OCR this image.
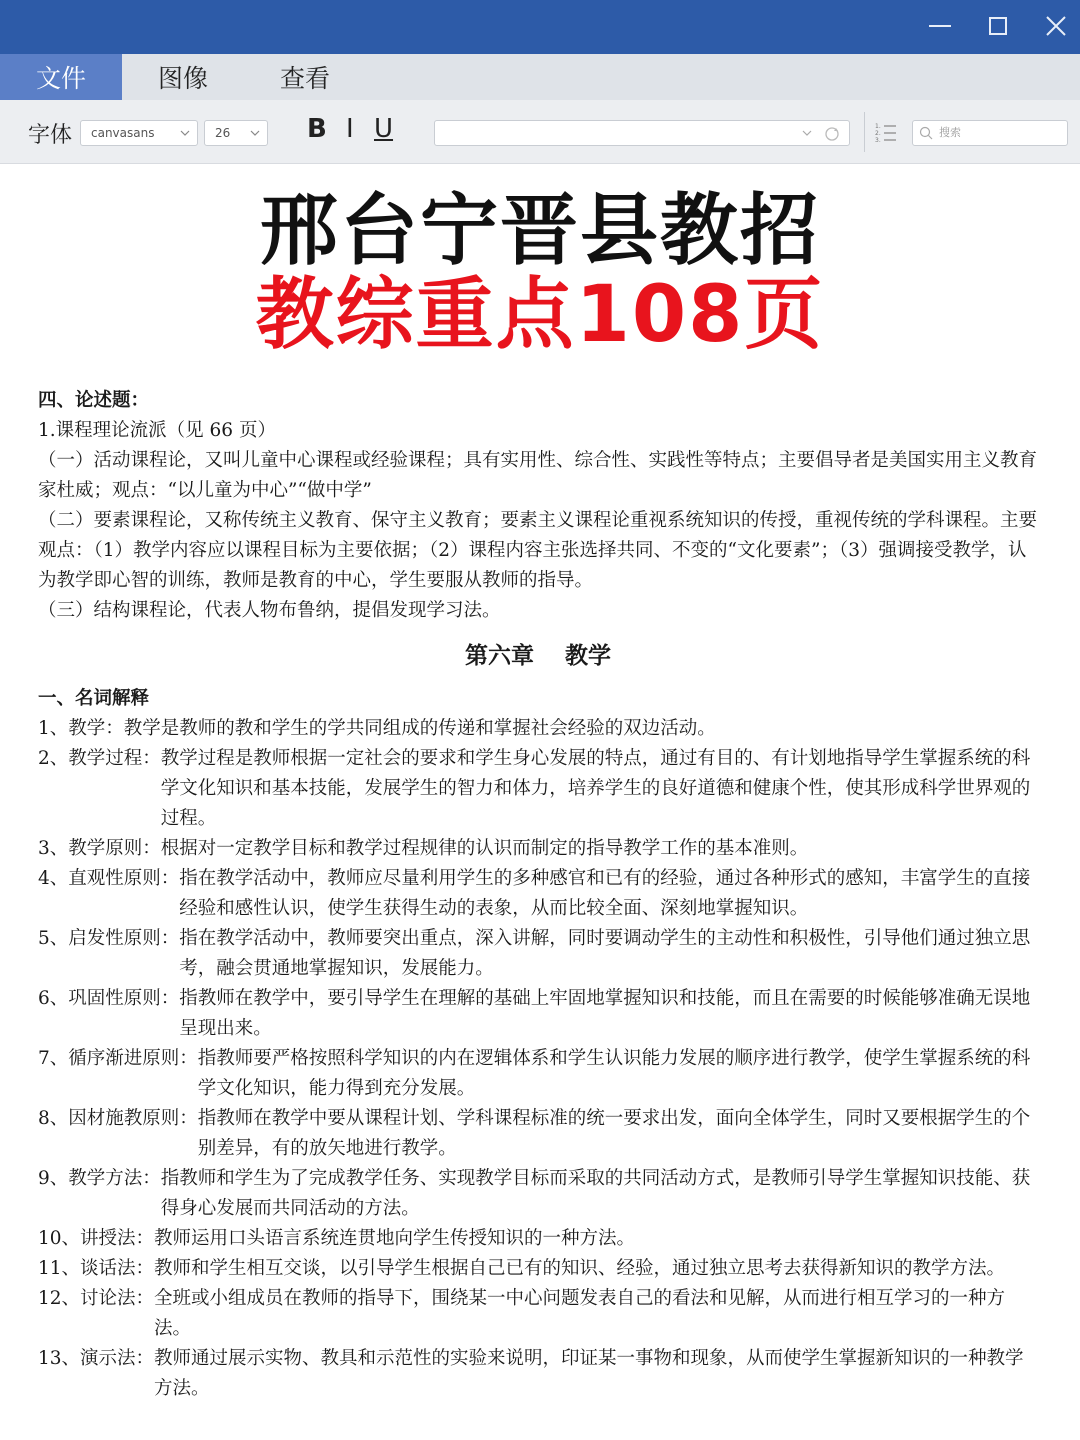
文件	图像	查看
字体	canvasans	26	B I U	1.
2.
3.
搜索
邢台宁晋县教招
教综重点108页

四、论述题：

1.课程理论流派（见 66 页）

（一）活动课程论，又叫儿童中心课程或经验课程；具有实用性、综合性、实践性等特点；主要倡导者是美国实用主义教育家杜威；观点：“以儿童为中心”“做中学”

（二）要素课程论，又称传统主义教育、保守主义教育；要素主义课程论重视系统知识的传授，重视传统的学科课程。主要观点：（1）教学内容应以课程目标为主要依据；（2）课程内容主张选择共同、不变的“文化要素”；（3）强调接受教学，认为教学即心智的训练，教师是教育的中心，学生要服从教师的指导。

（三）结构课程论，代表人物布鲁纳，提倡发现学习法。

第六章　 教学

一、名词解释

1、教学： 教学是教师的教和学生的学共同组成的传递和掌握社会经验的双边活动。
2、教学过程： 教学过程是教师根据一定社会的要求和学生身心发展的特点，通过有目的、有计划地指导学生掌握系统的科学文化知识和基本技能，发展学生的智力和体力，培养学生的良好道德和健康个性，使其形成科学世界观的过程。
3、教学原则： 根据对一定教学目标和教学过程规律的认识而制定的指导教学工作的基本准则。
4、直观性原则： 指在教学活动中，教师应尽量利用学生的多种感官和已有的经验，通过各种形式的感知，丰富学生的直接经验和感性认识，使学生获得生动的表象，从而比较全面、深刻地掌握知识。
5、启发性原则： 指在教学活动中，教师要突出重点，深入讲解，同时要调动学生的主动性和积极性，引导他们通过独立思考，融会贯通地掌握知识，发展能力。
6、巩固性原则： 指教师在教学中，要引导学生在理解的基础上牢固地掌握知识和技能，而且在需要的时候能够准确无误地呈现出来。
7、循序渐进原则： 指教师要严格按照科学知识的内在逻辑体系和学生认识能力发展的顺序进行教学，使学生掌握系统的科学文化知识，能力得到充分发展。
8、因材施教原则： 指教师在教学中要从课程计划、学科课程标准的统一要求出发，面向全体学生，同时又要根据学生的个别差异，有的放矢地进行教学。
9、教学方法： 指教师和学生为了完成教学任务、实现教学目标而采取的共同活动方式，是教师引导学生掌握知识技能、获得身心发展而共同活动的方法。
10、讲授法： 教师运用口头语言系统连贯地向学生传授知识的一种方法。
11、谈话法： 教师和学生相互交谈，以引导学生根据自己已有的知识、经验，通过独立思考去获得新知识的教学方法。
12、讨论法： 全班或小组成员在教师的指导下，围绕某一中心问题发表自己的看法和见解，从而进行相互学习的一种方法。
13、演示法： 教师通过展示实物、教具和示范性的实验来说明，印证某一事物和现象，从而使学生掌握新知识的一种教学方法。
